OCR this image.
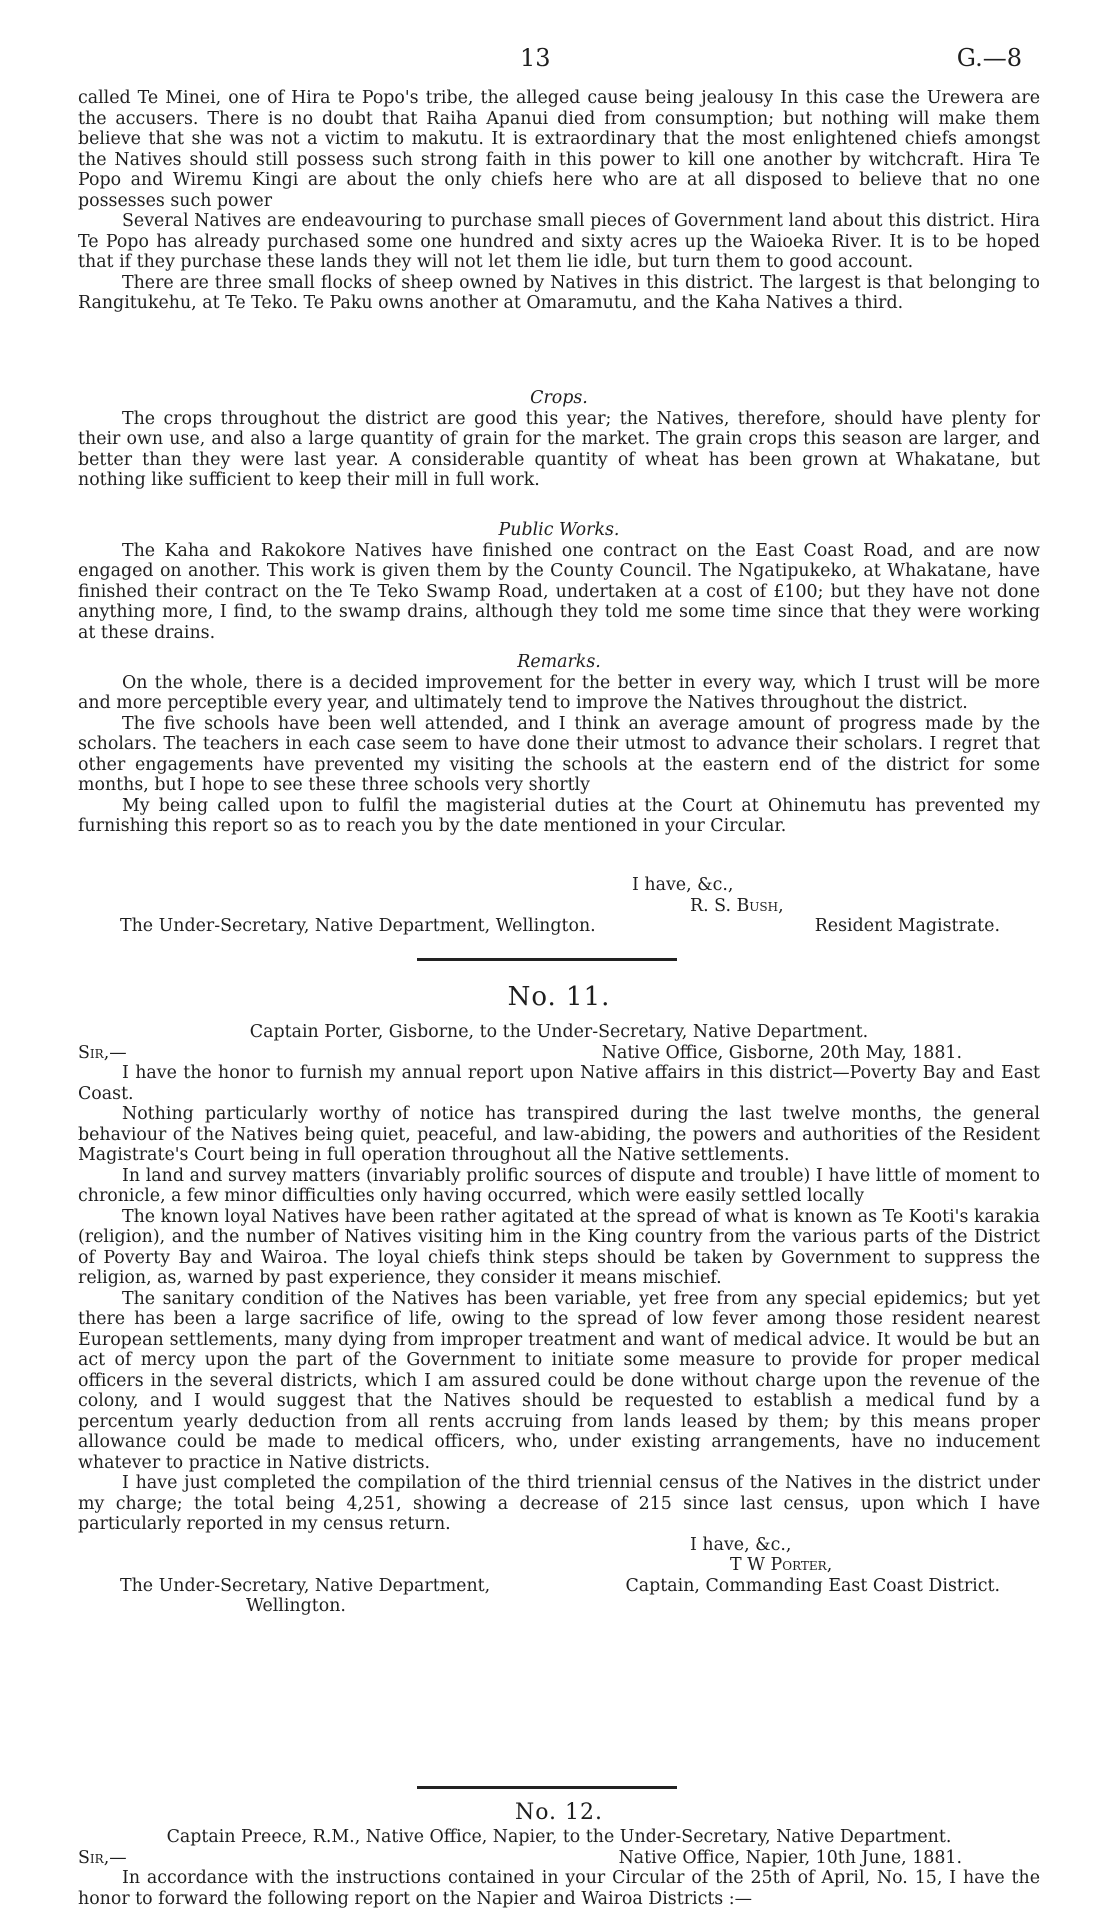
13	G.—8

called Te Minei, one of Hira te Popo's tribe, the alleged cause being jealousy In this case the Urewera are the accusers. There is no doubt that Raiha Apanui died from consumption; but nothing will make them believe that she was not a victim to makutu. It is extraordinary that the most enlightened chiefs amongst the Natives should still possess such strong faith in this power to kill one another by witchcraft. Hira Te Popo and Wiremu Kingi are about the only chiefs here who are at all disposed to believe that no one possesses such power

Several Natives are endeavouring to purchase small pieces of Government land about this district. Hira Te Popo has already purchased some one hundred and sixty acres up the Waioeka River. It is to be hoped that if they purchase these lands they will not let them lie idle, but turn them to good account.

There are three small flocks of sheep owned by Natives in this district. The largest is that belonging to Rangitukehu, at Te Teko. Te Paku owns another at Omaramutu, and the Kaha Natives a third.

Crops.

The crops throughout the district are good this year; the Natives, therefore, should have plenty for their own use, and also a large quantity of grain for the market. The grain crops this season are larger, and better than they were last year. A considerable quantity of wheat has been grown at Whakatane, but nothing like sufficient to keep their mill in full work.

Public Works.

The Kaha and Rakokore Natives have finished one contract on the East Coast Road, and are now engaged on another. This work is given them by the County Council. The Ngatipukeko, at Whakatane, have finished their contract on the Te Teko Swamp Road, undertaken at a cost of £100; but they have not done anything more, I find, to the swamp drains, although they told me some time since that they were working at these drains.

Remarks.

On the whole, there is a decided improvement for the better in every way, which I trust will be more and more perceptible every year, and ultimately tend to improve the Natives throughout the district.

The five schools have been well attended, and I think an average amount of progress made by the scholars. The teachers in each case seem to have done their utmost to advance their scholars. I regret that other engagements have prevented my visiting the schools at the eastern end of the district for some months, but I hope to see these three schools very shortly

My being called upon to fulfil the magisterial duties at the Court at Ohinemutu has prevented my furnishing this report so as to reach you by the date mentioned in your Circular.

I have, &c.,
R. S. Bush,
The Under-Secretary, Native Department, Wellington.	Resident Magistrate.
No. 11.

Captain Porter, Gisborne, to the Under-Secretary, Native Department.

Sir,—	Native Office, Gisborne, 20th May, 1881.

I have the honor to furnish my annual report upon Native affairs in this district—Poverty Bay and East Coast.

Nothing particularly worthy of notice has transpired during the last twelve months, the general behaviour of the Natives being quiet, peaceful, and law-abiding, the powers and authorities of the Resident Magistrate's Court being in full operation throughout all the Native settlements.

In land and survey matters (invariably prolific sources of dispute and trouble) I have little of moment to chronicle, a few minor difficulties only having occurred, which were easily settled locally

The known loyal Natives have been rather agitated at the spread of what is known as Te Kooti's karakia (religion), and the number of Natives visiting him in the King country from the various parts of the District of Poverty Bay and Wairoa. The loyal chiefs think steps should be taken by Government to suppress the religion, as, warned by past experience, they consider it means mischief.

The sanitary condition of the Natives has been variable, yet free from any special epidemics; but yet there has been a large sacrifice of life, owing to the spread of low fever among those resident nearest European settlements, many dying from improper treatment and want of medical advice. It would be but an act of mercy upon the part of the Government to initiate some measure to provide for proper medical officers in the several districts, which I am assured could be done without charge upon the revenue of the colony, and I would suggest that the Natives should be requested to establish a medical fund by a percentum yearly deduction from all rents accruing from lands leased by them; by this means proper allowance could be made to medical officers, who, under existing arrangements, have no inducement whatever to practice in Native districts.

I have just completed the compilation of the third triennial census of the Natives in the district under my charge; the total being 4,251, showing a decrease of 215 since last census, upon which I have particularly reported in my census return.

I have, &c.,
T W Porter,
The Under-Secretary, Native Department,	Captain, Commanding East Coast District.
Wellington.
No. 12.

Captain Preece, R.M., Native Office, Napier, to the Under-Secretary, Native Department.

Sir,—	Native Office, Napier, 10th June, 1881.

In accordance with the instructions contained in your Circular of the 25th of April, No. 15, I have the honor to forward the following report on the Napier and Wairoa Districts :—
